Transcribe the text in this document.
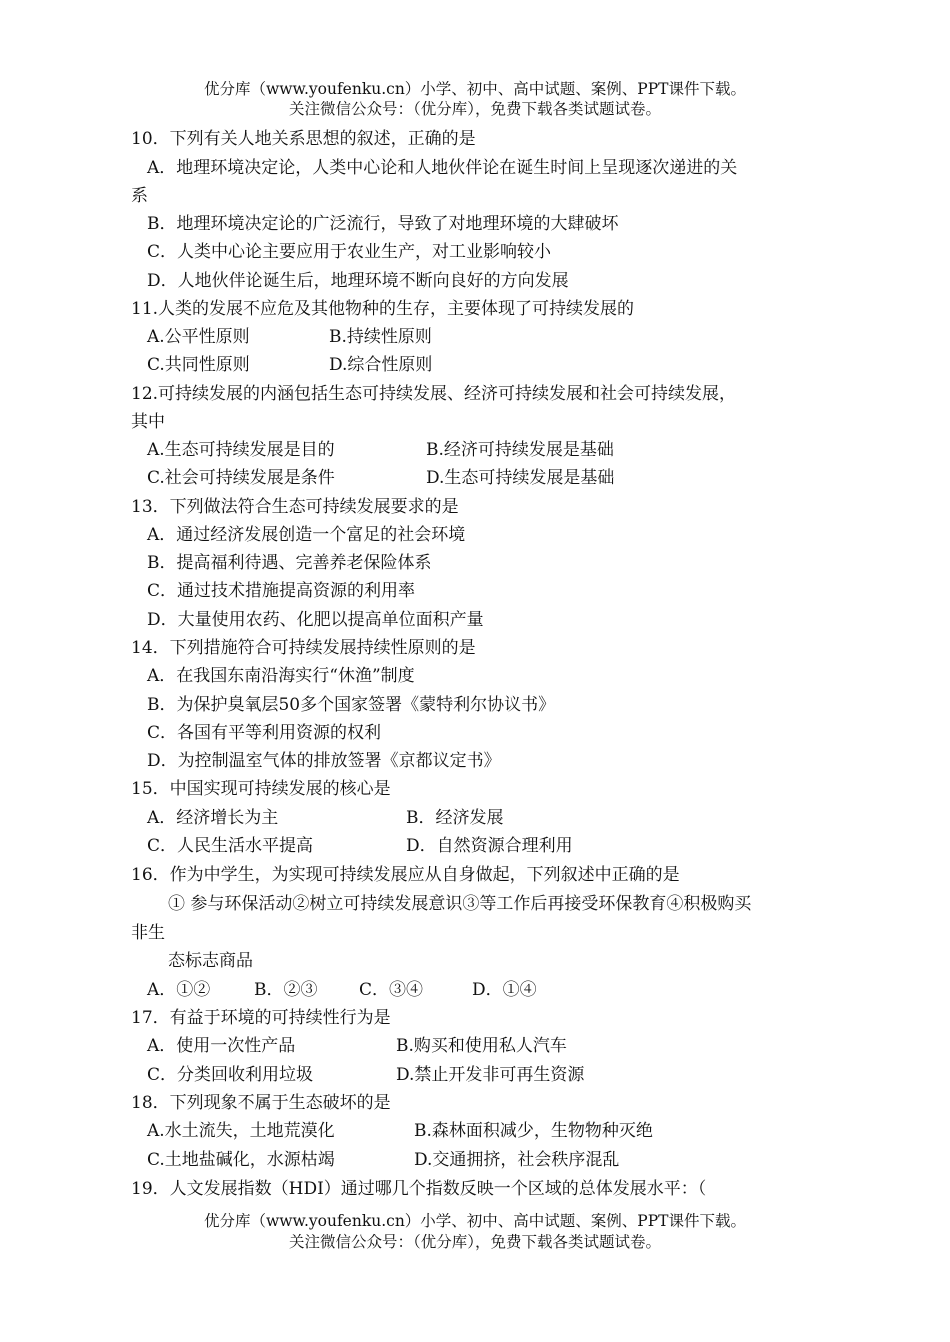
优分库（www.youfenku.cn）小学、初中、高中试题、案例、PPT课件下载。
关注微信公众号：（优分库），免费下载各类试题试卷。
10．下列有关人地关系思想的叙述，正确的是
A．地理环境决定论，人类中心论和人地伙伴论在诞生时间上呈现逐次递进的关
系
B．地理环境决定论的广泛流行，导致了对地理环境的大肆破坏
C．人类中心论主要应用于农业生产，对工业影响较小
D．人地伙伴论诞生后，地理环境不断向良好的方向发展
11.人类的发展不应危及其他物种的生存，主要体现了可持续发展的
A.公平性原则	B.持续性原则
C.共同性原则	D.综合性原则
12.可持续发展的内涵包括生态可持续发展、经济可持续发展和社会可持续发展，
其中
A.生态可持续发展是目的	B.经济可持续发展是基础
C.社会可持续发展是条件	D.生态可持续发展是基础
13．下列做法符合生态可持续发展要求的是
A．通过经济发展创造一个富足的社会环境
B．提高福利待遇、完善养老保险体系
C．通过技术措施提高资源的利用率
D．大量使用农药、化肥以提高单位面积产量
14．下列措施符合可持续发展持续性原则的是
A．在我国东南沿海实行“休渔”制度
B．为保护臭氧层50多个国家签署《蒙特利尔协议书》
C．各国有平等利用资源的权利
D．为控制温室气体的排放签署《京都议定书》
15．中国实现可持续发展的核心是
A．经济增长为主	B．经济发展
C．人民生活水平提高	D．自然资源合理利用
16．作为中学生，为实现可持续发展应从自身做起，下列叙述中正确的是
① 参与环保活动②树立可持续发展意识③等工作后再接受环保教育④积极购买
非生
态标志商品
A．①②	B．②③ C．③④	D．①④
17．有益于环境的可持续性行为是
A．使用一次性产品	B.购买和使用私人汽车
C．分类回收利用垃圾	D.禁止开发非可再生资源
18．下列现象不属于生态破坏的是
A.水土流失，土地荒漠化	B.森林面积减少，生物物种灭绝
C.土地盐碱化，水源枯竭	D.交通拥挤，社会秩序混乱
19．人文发展指数（HDI）通过哪几个指数反映一个区域的总体发展水平：（
优分库（www.youfenku.cn）小学、初中、高中试题、案例、PPT课件下载。
关注微信公众号：（优分库），免费下载各类试题试卷。
